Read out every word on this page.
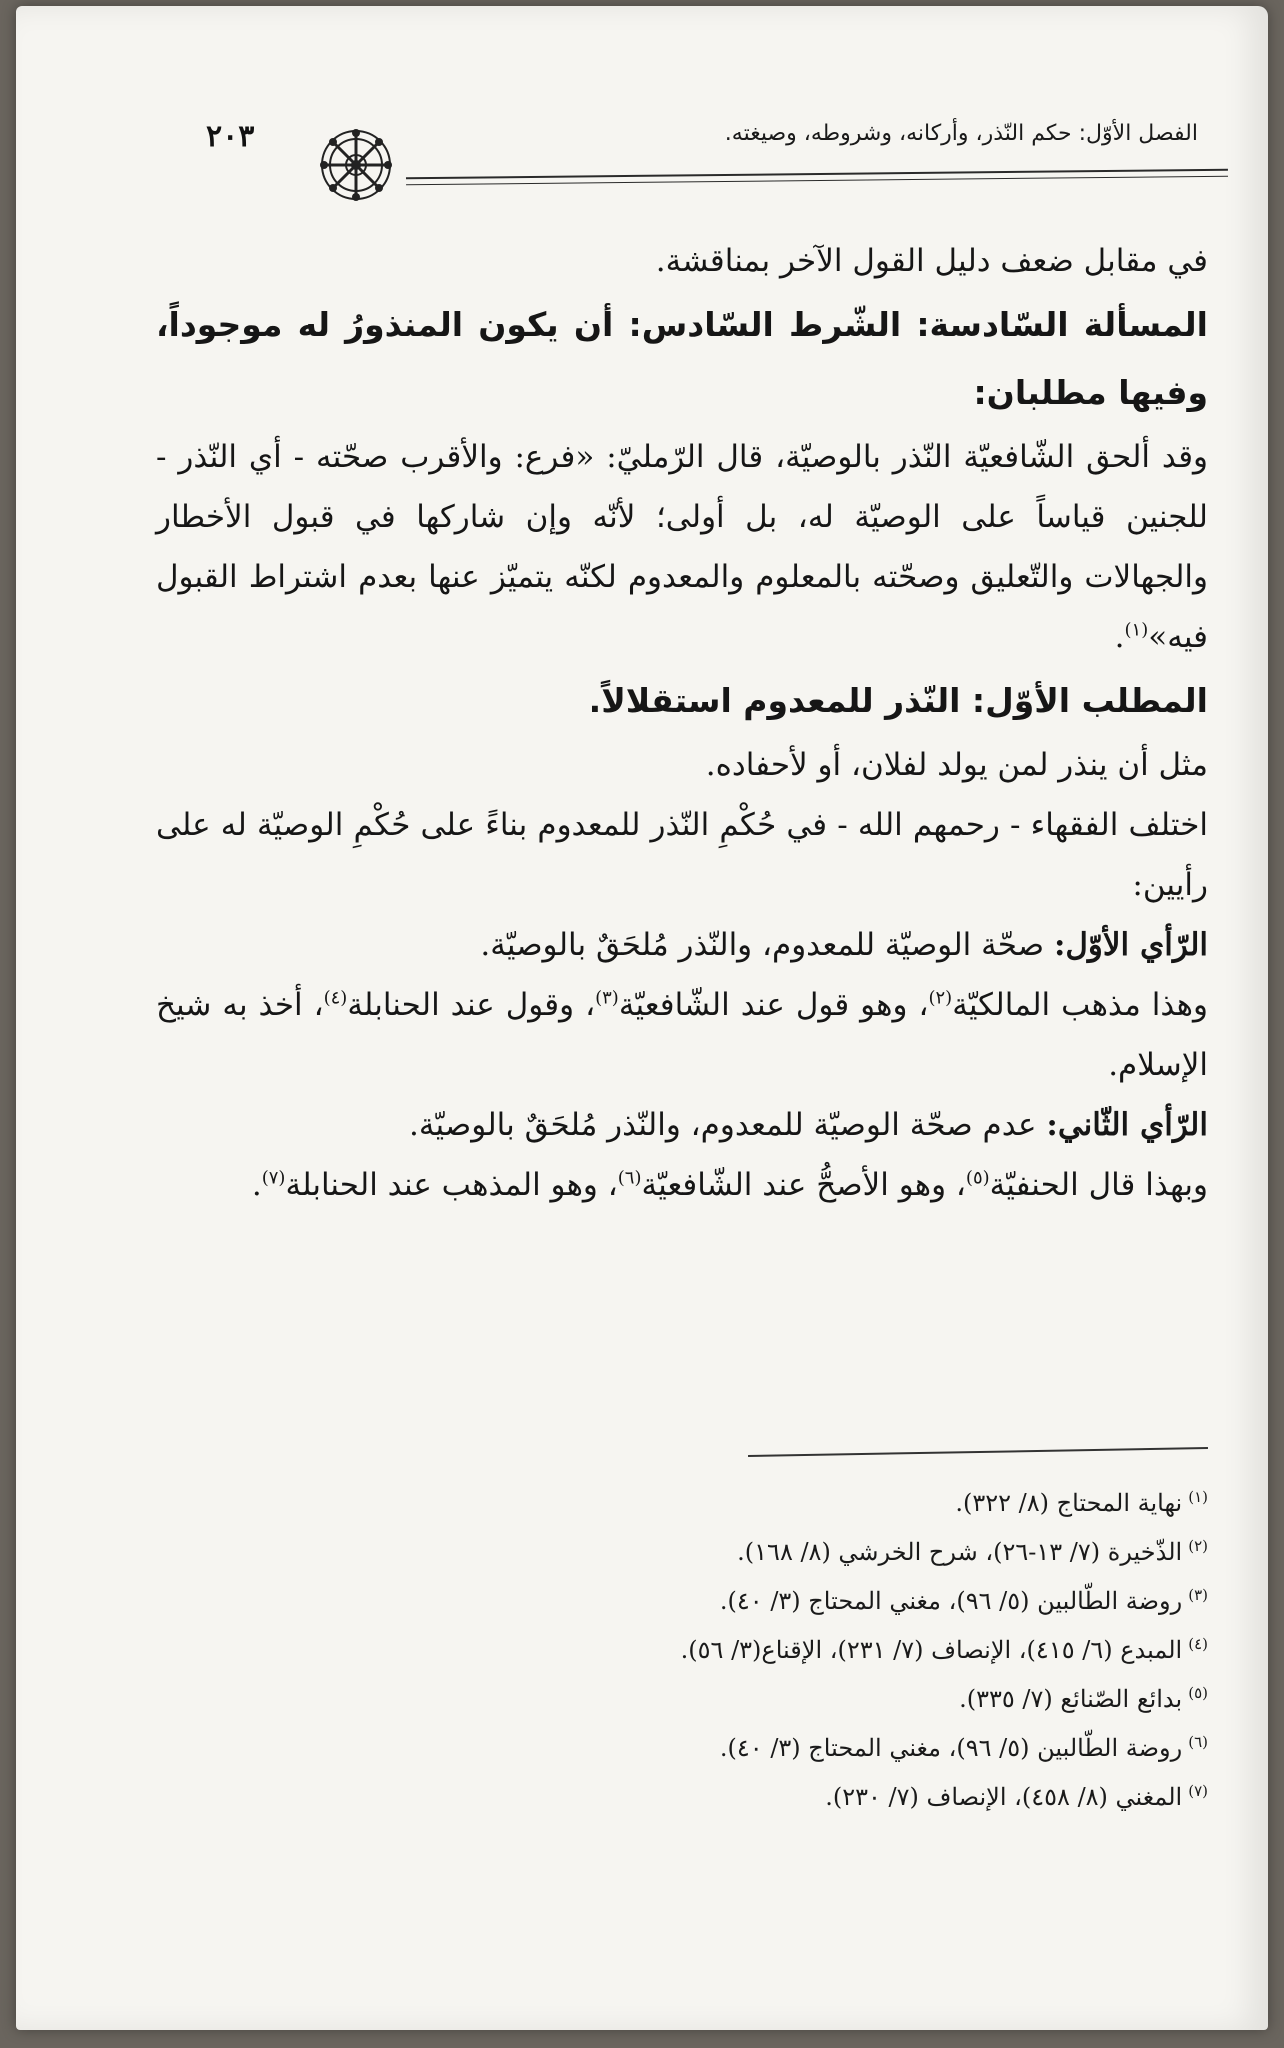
الفصل الأوّل: حكم النّذر، وأركانه، وشروطه، وصيغته.
٢٠٣

في مقابل ضعف دليل القول الآخر بمناقشة.

المسألة السّادسة: الشّرط السّادس: أن يكون المنذورُ له موجوداً، وفيها مطلبان:

وقد ألحق الشّافعيّة النّذر بالوصيّة، قال الرّمليّ: «فرع: والأقرب صحّته - أي النّذر - للجنين قياساً على الوصيّة له، بل أولى؛ لأنّه وإن شاركها في قبول الأخطار والجهالات والتّعليق وصحّته بالمعلوم والمعدوم لكنّه يتميّز عنها بعدم اشتراط القبول فيه»$^{(١)}$.

المطلب الأوّل: النّذر للمعدوم استقلالاً.

مثل أن ينذر لمن يولد لفلان، أو لأحفاده.

اختلف الفقهاء - رحمهم الله - في حُكْمِ النّذر للمعدوم بناءً على حُكْمِ الوصيّة له على رأيين:

الرّأي الأوّل: صحّة الوصيّة للمعدوم، والنّذر مُلحَقٌ بالوصيّة.

وهذا مذهب المالكيّة$^{(٢)}$، وهو قول عند الشّافعيّة$^{(٣)}$، وقول عند الحنابلة$^{(٤)}$، أخذ به شيخ الإسلام.

الرّأي الثّاني: عدم صحّة الوصيّة للمعدوم، والنّذر مُلحَقٌ بالوصيّة.

وبهذا قال الحنفيّة$^{(٥)}$، وهو الأصحُّ عند الشّافعيّة$^{(٦)}$، وهو المذهب عند الحنابلة$^{(٧)}$.

$^{(١)}$نهاية المحتاج (٨/ ٣٢٢).
$^{(٢)}$الذّخيرة (٧/ ١٣-٢٦)، شرح الخرشي (٨/ ١٦٨).
$^{(٣)}$روضة الطّالبين (٥/ ٩٦)، مغني المحتاج (٣/ ٤٠).
$^{(٤)}$المبدع (٦/ ٤١٥)، الإنصاف (٧/ ٢٣١)، الإقناع(٣/ ٥٦).
$^{(٥)}$بدائع الصّنائع (٧/ ٣٣٥).
$^{(٦)}$روضة الطّالبين (٥/ ٩٦)، مغني المحتاج (٣/ ٤٠).
$^{(٧)}$المغني (٨/ ٤٥٨)، الإنصاف (٧/ ٢٣٠).
